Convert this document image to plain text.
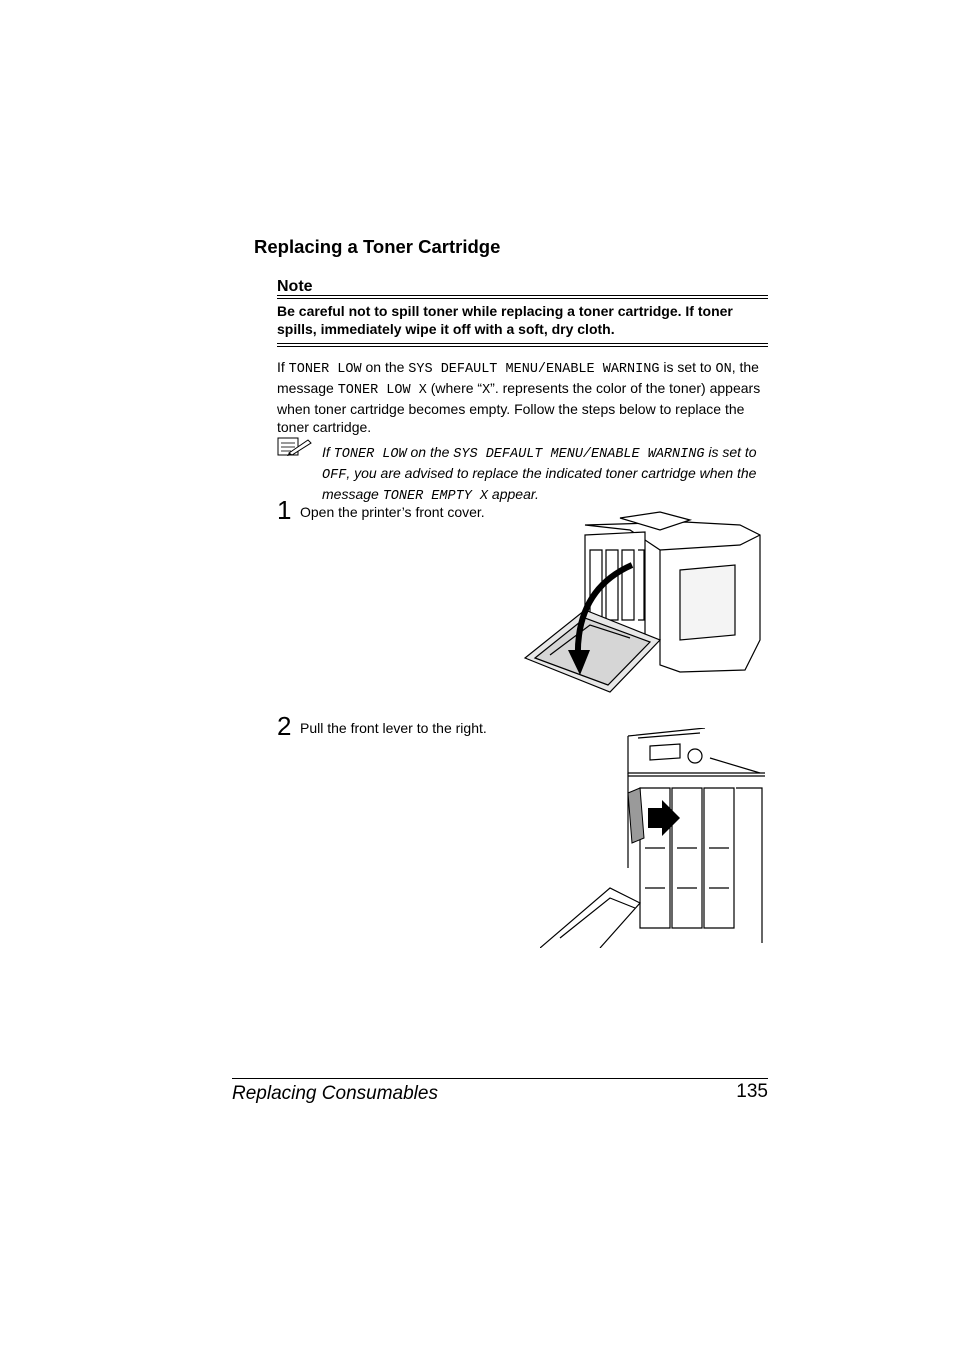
Replacing a Toner Cartridge
Note
Be careful not to spill toner while replacing a toner cartridge. If toner spills, immediately wipe it off with a soft, dry cloth.
If TONER LOW on the SYS DEFAULT MENU/ENABLE WARNING is set to ON, the message TONER LOW X (where “X”. represents the color of the toner) appears when toner cartridge becomes empty. Follow the steps below to replace the toner cartridge.
If TONER LOW on the SYS DEFAULT MENU/ENABLE WARNING is set to OFF, you are advised to replace the indicated toner cartridge when the message TONER EMPTY X appear.
1 Open the printer’s front cover.
2 Pull the front lever to the right.
Replacing Consumables	135
